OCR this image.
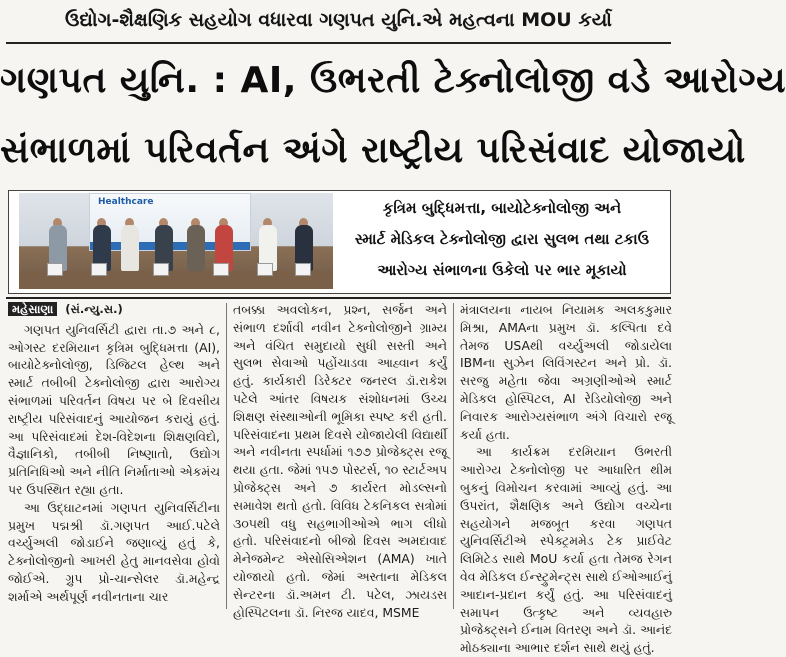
ઉદ્યોગ-શૈક્ષણિક સહયોગ વધારવા ગણપત યુનિ.એ મહત્વના MOU કર્યા
ગણપત યુનિ. : AI, ઉભરતી ટેક્નોલોજી વડે આરોગ્ય
સંભાળમાં પરિવર્તન અંગે રાષ્ટ્રીય પરિસંવાદ યોજાયો
Healthcare	કૃત્રિમ બુદ્ધિમત્તા, બાયોટેક્નોલોજી અને
સ્માર્ટ મેડિકલ ટેક્નોલોજી દ્વારા સુલભ તથા ટકાઉ
આરોગ્ય સંભાળના ઉકેલો પર ભાર મૂકાયો
મહેસાણા (સં.ન્યુ.સ.)

ગણપત યુનિવર્સિટી દ્વારા તા.૭ અને ૮, ઓગસ્ટ દરમિયાન કૃત્રિમ બુદ્ધિમત્તા (AI), બાયોટેક્નોલોજી, ડિજિટલ હેલ્થ અને સ્માર્ટ તબીબી ટેક્નોલોજી દ્વારા આરોગ્ય સંભાળમાં પરિવર્તન વિષય પર બે દિવસીય રાષ્ટ્રીય પરિસંવાદનું આયોજન કરાયું હતું. આ પરિસંવાદમાં દેશ-વિદેશના શિક્ષણવિદો, વૈજ્ઞાનિકો, તબીબી નિષ્ણાતો, ઉદ્યોગ પ્રતિનિધિઓ અને નીતિ નિર્માતાઓ એકમંચ પર ઉપસ્થિત રહ્યા હતા.

આ ઉદ્ઘાટનમાં ગણપત યુનિવર્સિટીના પ્રમુખ પદ્મશ્રી ડૉ.ગણપત આઈ.પટેલે વર્ચ્યુઅલી જોડાઈને જણાવ્યું હતું કે, ટેક્નોલોજીનો આખરી હેતુ માનવસેવા હોવો જોઈએ. ગ્રુપ પ્રો-ચાન્સેલર ડૉ.મહેન્દ્ર શર્માએ અર્થપૂર્ણ નવીનતાના ચાર

તબક્કા અવલોકન, પ્રશ્ન, સર્જન અને સંભાળ દર્શાવી નવીન ટેક્નોલોજીને ગ્રામ્ય અને વંચિત સમુદાયો સુધી સસ્તી અને સુલભ સેવાઓ પહોંચાડવા આહ્વાન કર્યું હતું. કાર્યકારી ડિરેક્ટર જનરલ ડૉ.રાકેશ પટેલે આંતર વિષયક સંશોધનમાં ઉચ્ચ શિક્ષણ સંસ્થાઓની ભૂમિકા સ્પષ્ટ કરી હતી. પરિસંવાદના પ્રથમ દિવસે યોજાયેલી વિદ્યાર્થી અને નવીનતા સ્પર્ધામાં ૧૭૭ પ્રોજેક્ટ્સ રજૂ થયા હતા. જેમાં ૧૫૭ પોસ્ટર્સ, ૧૦ સ્ટાર્ટઅપ પ્રોજેક્ટ્સ અને ૭ કાર્યરત મોડલ્સનો સમાવેશ થતો હતો. વિવિધ ટેકનિકલ સત્રોમાં ૩૦૫થી વધુ સહભાગીઓએ ભાગ લીધો હતો. પરિસંવાદનો બીજો દિવસ અમદાવાદ મેનેજમેન્ટ એસોસિએશન (AMA) ખાતે યોજાયો હતો. જેમાં અસ્તાના મેડિકલ સેન્ટરના ડૉ.અમન ટી. પટેલ, ઝાયડસ હોસ્પિટલના ડૉ. નિરજ યાદવ, MSME

મંત્રાલયના નાયબ નિયામક અલકકુમાર મિશ્રા, AMAના પ્રમુખ ડૉ. કલ્પિતા દવે તેમજ USAથી વર્ચ્યુઅલી જોડાયેલા IBMના સુઝેન લિવિંગસ્ટન અને પ્રો. ડૉ. સરજુ મહેતા જેવા અગ્રણીઓએ સ્માર્ટ મેડિકલ હોસ્પિટલ, AI રેડિયોલોજી અને નિવારક આરોગ્યસંભાળ અંગે વિચારો રજૂ કર્યા હતા.

આ કાર્યક્રમ દરમિયાન ઉભરતી આરોગ્ય ટેક્નોલોજી પર આધારિત થીમ બુકનું વિમોચન કરવામાં આવ્યું હતું. આ ઉપરાંત, શૈક્ષણિક અને ઉદ્યોગ વચ્ચેના સહયોગને મજબૂત કરવા ગણપત યુનિવર્સિટીએ સ્પેક્ટ્રમમેડ ટેક પ્રાઈવેટ લિમિટેડ સાથે MoU કર્યા હતા તેમજ રેગન વેવ મેડિકલ ઈન્સ્ટ્રુમેન્ટ્સ સાથે ઈઓઆઈનું આદાન-પ્રદાન કર્યું હતું. આ પરિસંવાદનું સમાપન ઉત્કૃષ્ટ અને વ્યવહારુ પ્રોજેક્ટ્સને ઈનામ વિતરણ અને ડૉ. આનંદ મોઠક્યાના આભાર દર્શન સાથે થયું હતું.
